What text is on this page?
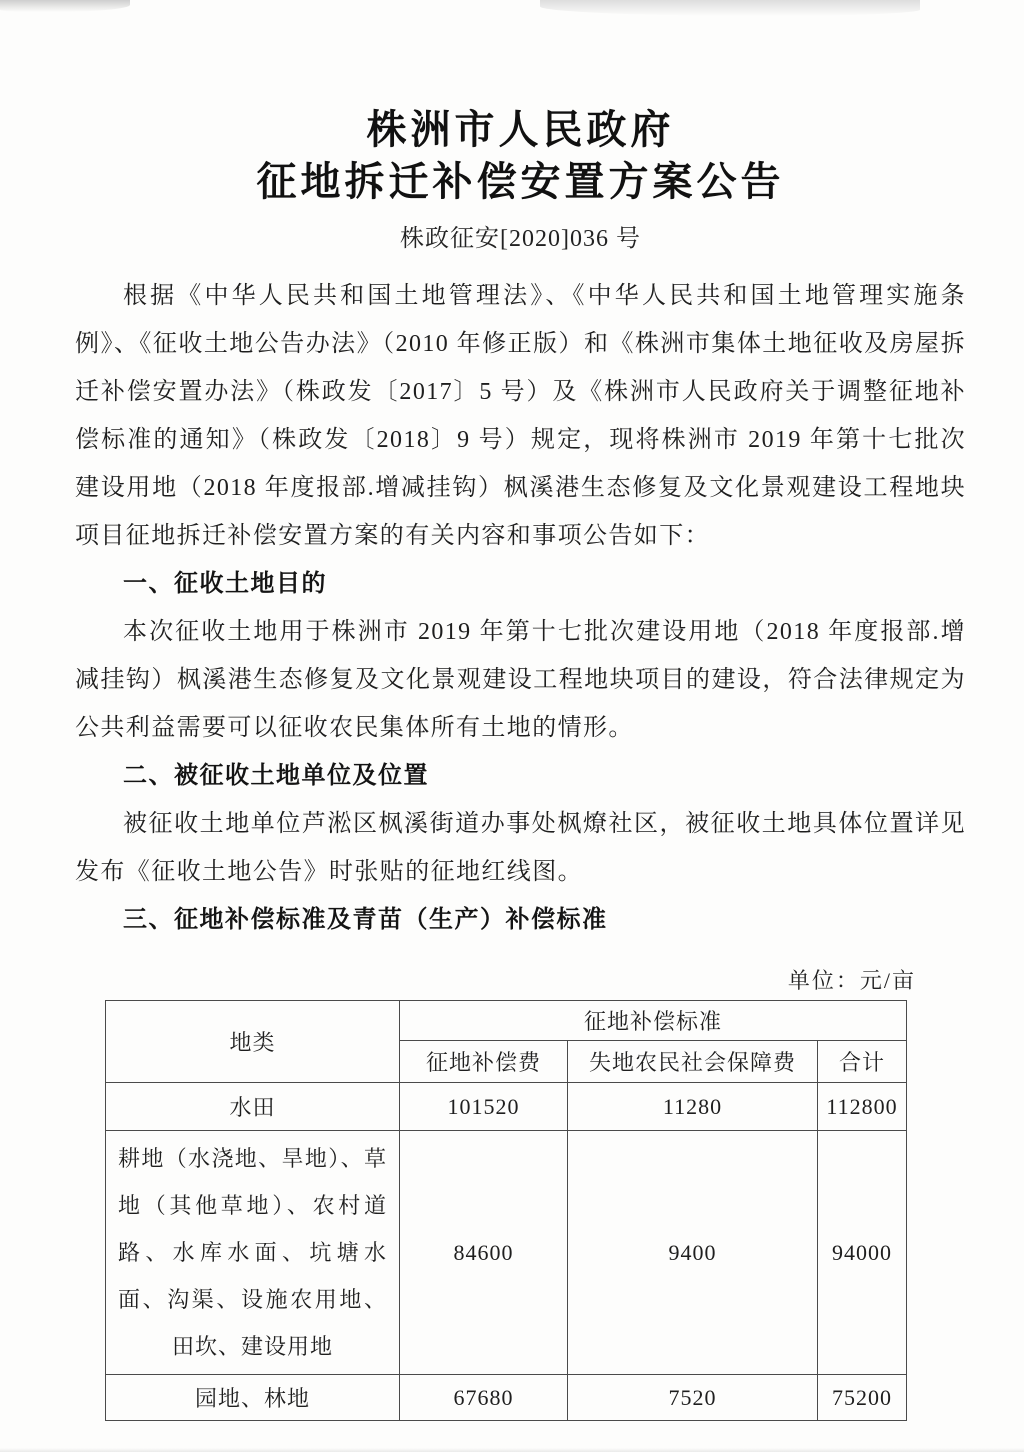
株洲市人民政府
征地拆迁补偿安置方案公告
株政征安[2020]036 号

根据《中华人民共和国土地管理法》、《中华人民共和国土地管理实施条例》、《征收土地公告办法》（2010 年修正版）和《株洲市集体土地征收及房屋拆迁补偿安置办法》（株政发〔2017〕5 号）及《株洲市人民政府关于调整征地补偿标准的通知》（株政发〔2018〕9 号）规定，现将株洲市 2019 年第十七批次建设用地（2018 年度报部.增减挂钩）枫溪港生态修复及文化景观建设工程地块项目征地拆迁补偿安置方案的有关内容和事项公告如下：

一、征收土地目的

本次征收土地用于株洲市 2019 年第十七批次建设用地（2018 年度报部.增减挂钩）枫溪港生态修复及文化景观建设工程地块项目的建设，符合法律规定为公共利益需要可以征收农民集体所有土地的情形。

二、被征收土地单位及位置

被征收土地单位芦淞区枫溪街道办事处枫燎社区，被征收土地具体位置详见发布《征收土地公告》时张贴的征地红线图。

三、征地补偿标准及青苗（生产）补偿标准
单位：元/亩
地类	征地补偿标准		
	征地补偿费	失地农民社会保障费	合计
水田	101520	11280	112800
耕地（水浇地、旱地）、草地（其他草地）、农村道路、水库水面、坑塘水面、沟渠、设施农用地、田坎、建设用地	84600	9400	94000
园地、林地	67680	7520	75200
